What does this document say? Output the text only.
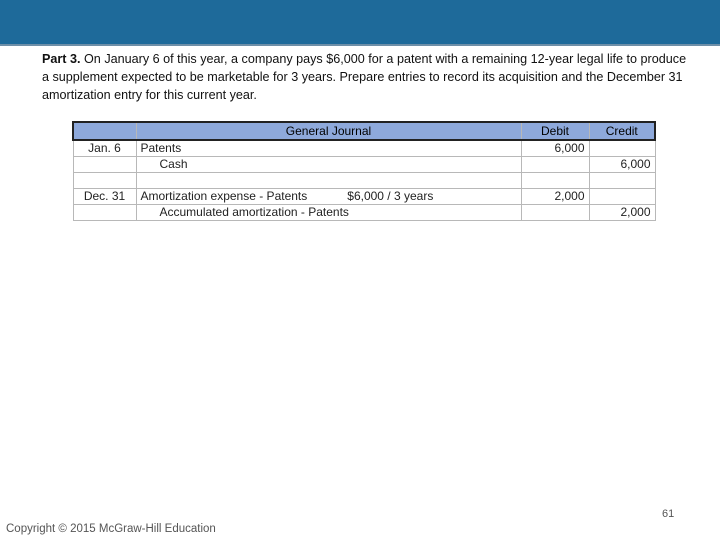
Part 3. On January 6 of this year, a company pays $6,000 for a patent with a remaining 12-year legal life to produce a supplement expected to be marketable for 3 years. Prepare entries to record its acquisition and the December 31 amortization entry for this current year.

	General Journal	Debit	Credit
Jan. 6	Patents	6,000	
	Cash		6,000

Dec. 31	Amortization expense - Patents $6,000 / 3 years	2,000	
	Accumulated amortization - Patents		2,000
61
Copyright © 2015 McGraw-Hill Education
